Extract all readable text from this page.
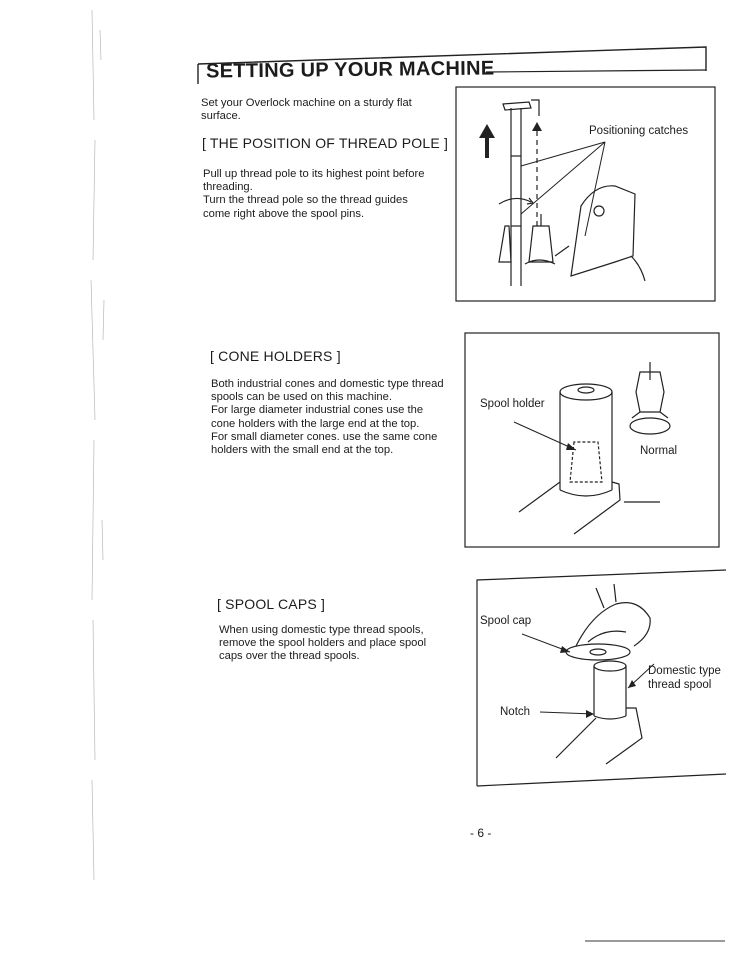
SETTING UP YOUR MACHINE
Set your Overlock machine on a sturdy flat
surface.
[ THE POSITION OF THREAD POLE ]
Pull up thread pole to its highest point before
threading.
Turn the thread pole so the thread guides
come right above the spool pins.
Positioning catches
[ CONE HOLDERS ]
Both industrial cones and domestic type thread
spools can be used on this machine.
For large diameter industrial cones use the
cone holders with the large end at the top.
For small diameter cones. use the same cone
holders with the small end at the top.
Spool holder
Normal
[ SPOOL CAPS ]
When using domestic type thread spools,
remove the spool holders and place spool
caps over the thread spools.
Spool cap
Domestic type
thread spool
Notch
- 6 -
